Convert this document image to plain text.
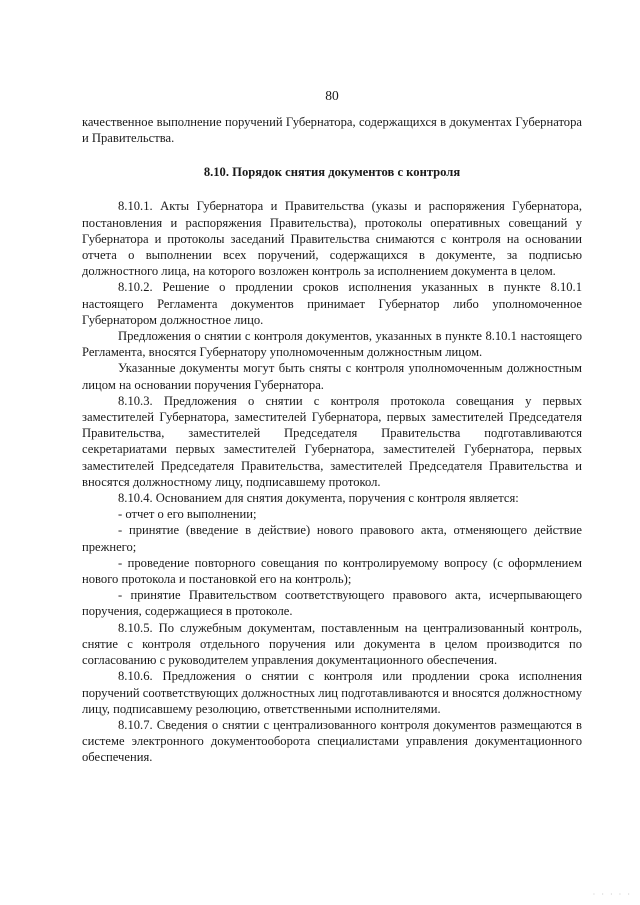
80

качественное выполнение поручений Губернатора, содержащихся в документах Губернатора и Правительства.

8.10. Порядок снятия документов с контроля

8.10.1. Акты Губернатора и Правительства (указы и распоряжения Губернатора, постановления и распоряжения Правительства), протоколы оперативных совещаний у Губернатора и протоколы заседаний Правительства снимаются с контроля на основании отчета о выполнении всех поручений, содержащихся в документе, за подписью должностного лица, на которого возложен контроль за исполнением документа в целом.

8.10.2. Решение о продлении сроков исполнения указанных в пункте 8.10.1 настоящего Регламента документов принимает Губернатор либо уполномоченное Губернатором должностное лицо.

Предложения о снятии с контроля документов, указанных в пункте 8.10.1 настоящего Регламента, вносятся Губернатору уполномоченным должностным лицом.

Указанные документы могут быть сняты с контроля уполномоченным должностным лицом на основании поручения Губернатора.

8.10.3. Предложения о снятии с контроля протокола совещания у первых заместителей Губернатора, заместителей Губернатора, первых заместителей Председателя Правительства, заместителей Председателя Правительства подготавливаются секретариатами первых заместителей Губернатора, заместителей Губернатора, первых заместителей Председателя Правительства, заместителей Председателя Правительства и вносятся должностному лицу, подписавшему протокол.

8.10.4. Основанием для снятия документа, поручения с контроля является:

- отчет о его выполнении;

- принятие (введение в действие) нового правового акта, отменяющего действие прежнего;

- проведение повторного совещания по контролируемому вопросу (с оформлением нового протокола и постановкой его на контроль);

- принятие Правительством соответствующего правового акта, исчерпывающего поручения, содержащиеся в протоколе.

8.10.5. По служебным документам, поставленным на централизованный контроль, снятие с контроля отдельного поручения или документа в целом производится по согласованию с руководителем управления документационного обеспечения.

8.10.6. Предложения о снятии с контроля или продлении срока исполнения поручений соответствующих должностных лиц подготавливаются и вносятся должностному лицу, подписавшему резолюцию, ответственными исполнителями.

8.10.7. Сведения о снятии с централизованного контроля документов размещаются в системе электронного документооборота специалистами управления документационного обеспечения.

· · · · ·
